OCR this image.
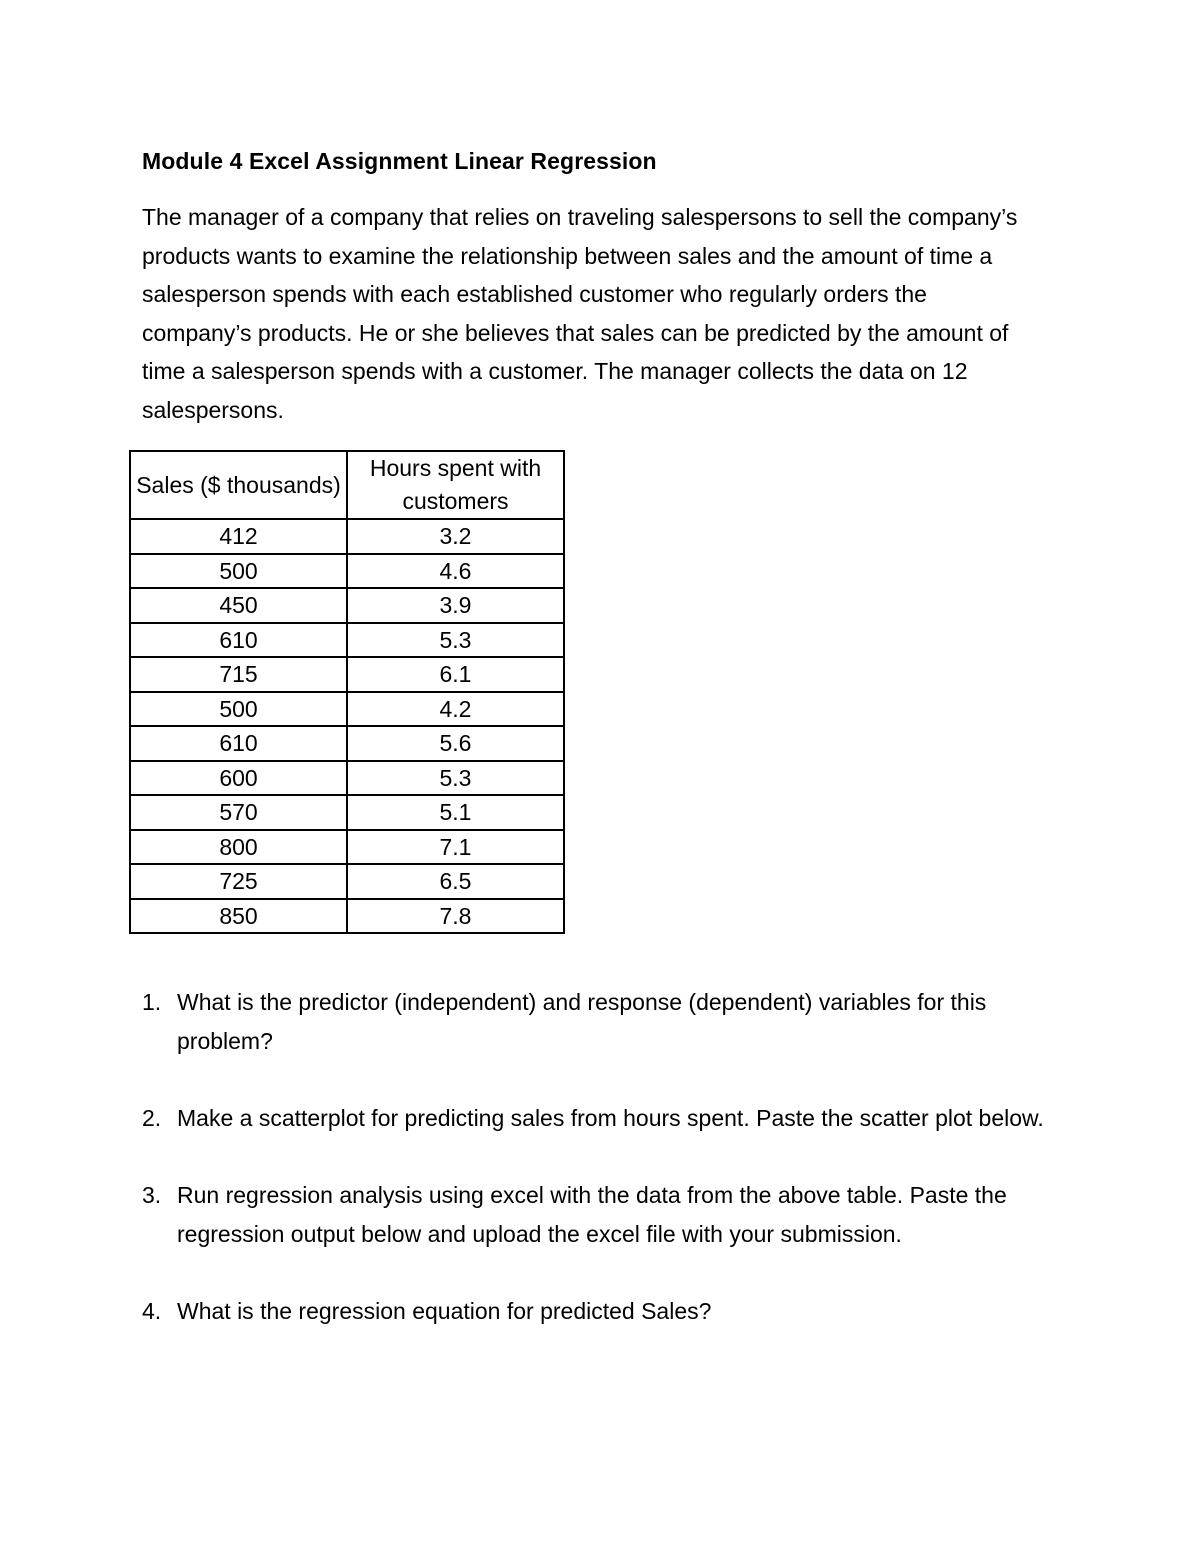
Module 4 Excel Assignment Linear Regression

The manager of a company that relies on traveling salespersons to sell the company’s products wants to examine the relationship between sales and the amount of time a salesperson spends with each established customer who regularly orders the company’s products. He or she believes that sales can be predicted by the amount of time a salesperson spends with a customer. The manager collects the data on 12 salespersons.

Sales ($ thousands)	Hours spent with customers
412	3.2
500	4.6
450	3.9
610	5.3
715	6.1
500	4.2
610	5.6
600	5.3
570	5.1
800	7.1
725	6.5
850	7.8
1. What is the predictor (independent) and response (dependent) variables for this problem?
2. Make a scatterplot for predicting sales from hours spent. Paste the scatter plot below.
3. Run regression analysis using excel with the data from the above table. Paste the regression output below and upload the excel file with your submission.
4. What is the regression equation for predicted Sales?
